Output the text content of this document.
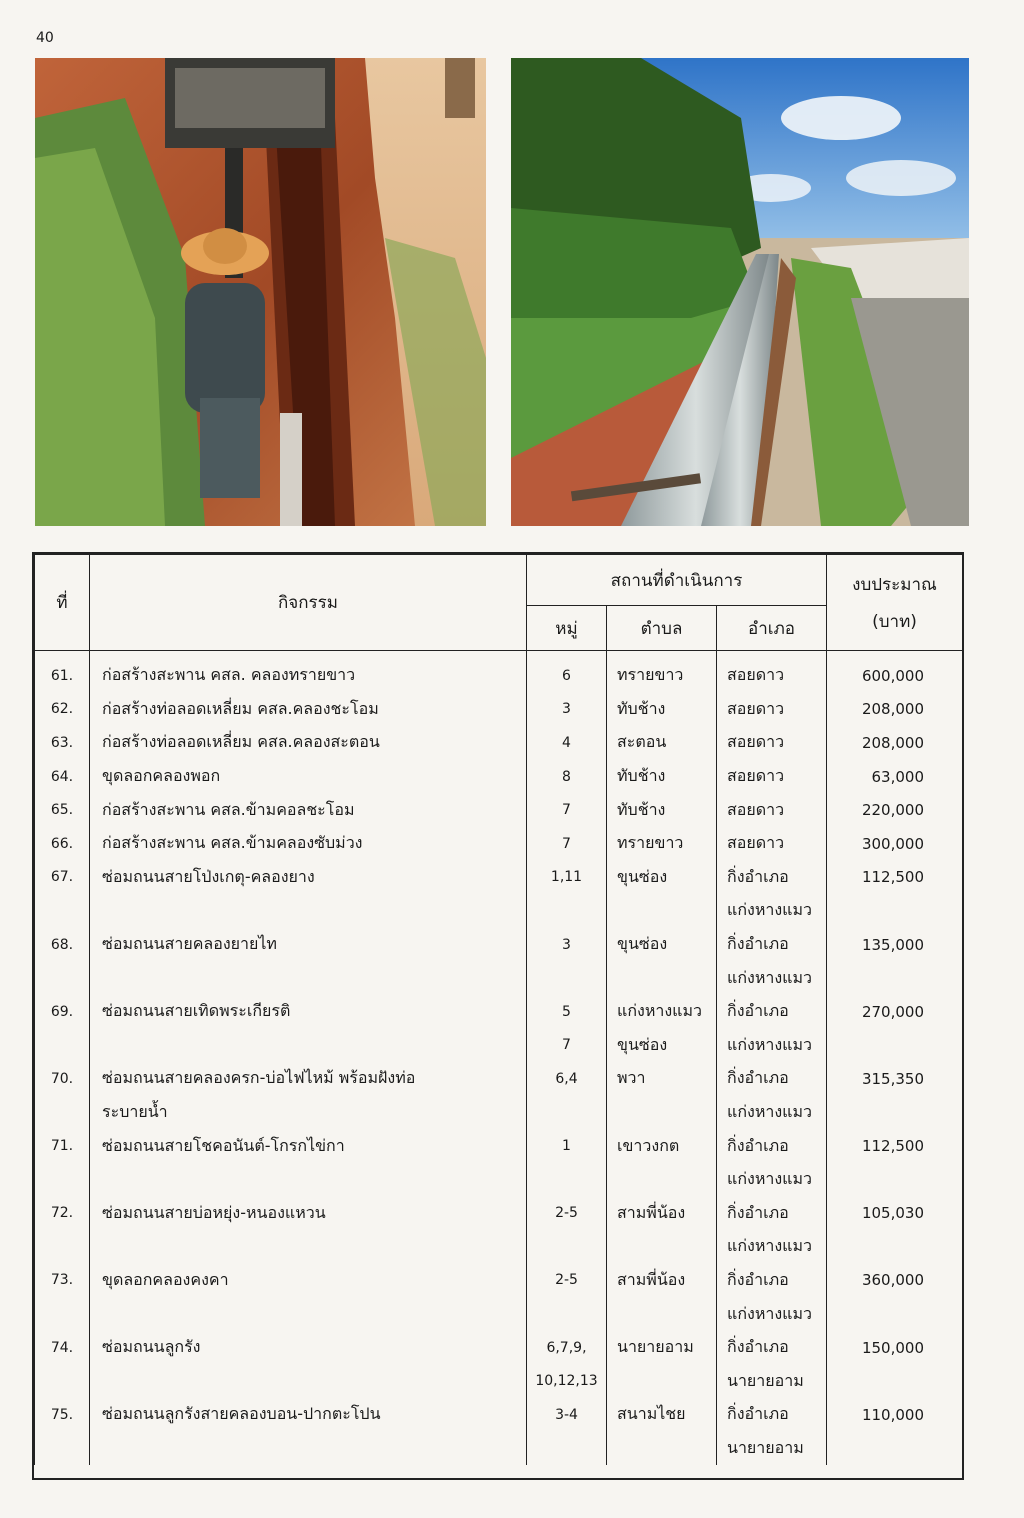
40
ที่	กิจกรรม	สถานที่ดำเนินการ			งบประมาณ
(บาท)

		หมู่	ตำบล	อำเภอ	
61.	ก่อสร้างสะพาน คสล. คลองทรายขาว	6	ทรายขาว	สอยดาว	600,000
62.	ก่อสร้างท่อลอดเหลี่ยม คสล.คลองชะโอม	3	ทับช้าง	สอยดาว	208,000
63.	ก่อสร้างท่อลอดเหลี่ยม คสล.คลองสะตอน	4	สะตอน	สอยดาว	208,000
64.	ขุดลอกคลองพอก	8	ทับช้าง	สอยดาว	63,000
65.	ก่อสร้างสะพาน คสล.ข้ามคอลชะโอม	7	ทับช้าง	สอยดาว	220,000
66.	ก่อสร้างสะพาน คสล.ข้ามคลองซับม่วง	7	ทรายขาว	สอยดาว	300,000
67.	ซ่อมถนนสายโป่งเกตุ-คลองยาง	1,11	ขุนซ่อง	กิ่งอำเภอ	112,500
				แก่งหางแมว	
68.	ซ่อมถนนสายคลองยายไท	3	ขุนซ่อง	กิ่งอำเภอ	135,000
				แก่งหางแมว	
69.	ซ่อมถนนสายเทิดพระเกียรติ	5	แก่งหางแมว	กิ่งอำเภอ	270,000
		7	ขุนซ่อง	แก่งหางแมว	
70.	ซ่อมถนนสายคลองครก-บ่อไฟไหม้ พร้อมฝังท่อ	6,4	พวา	กิ่งอำเภอ	315,350
	ระบายน้ำ			แก่งหางแมว	
71.	ซ่อมถนนสายโชคอนันต์-โกรกไข่กา	1	เขาวงกต	กิ่งอำเภอ	112,500
				แก่งหางแมว	
72.	ซ่อมถนนสายบ่อหยุ่ง-หนองแหวน	2-5	สามพี่น้อง	กิ่งอำเภอ	105,030
				แก่งหางแมว	
73.	ขุดลอกคลองคงคา	2-5	สามพี่น้อง	กิ่งอำเภอ	360,000
				แก่งหางแมว	
74.	ซ่อมถนนลูกรัง	6,7,9,	นายายอาม	กิ่งอำเภอ	150,000
		10,12,13		นายายอาม	
75.	ซ่อมถนนลูกรังสายคลองบอน-ปากตะโปน	3-4	สนามไชย	กิ่งอำเภอ	110,000
				นายายอาม	
